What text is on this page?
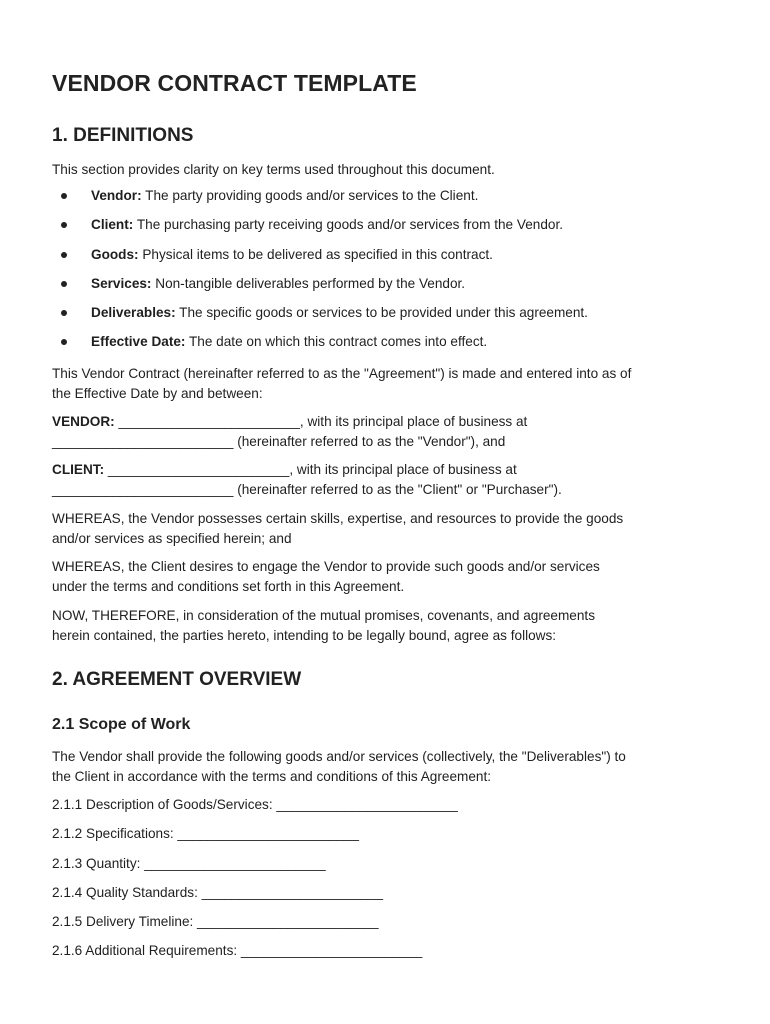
VENDOR CONTRACT TEMPLATE
1. DEFINITIONS

This section provides clarity on key terms used throughout this document.

Vendor: The party providing goods and/or services to the Client.
Client: The purchasing party receiving goods and/or services from the Vendor.
Goods: Physical items to be delivered as specified in this contract.
Services: Non-tangible deliverables performed by the Vendor.
Deliverables: The specific goods or services to be provided under this agreement.
Effective Date: The date on which this contract comes into effect.

This Vendor Contract (hereinafter referred to as the "Agreement") is made and entered into as of

the Effective Date by and between:

VENDOR: ________________________, with its principal place of business at

________________________ (hereinafter referred to as the "Vendor"), and

CLIENT: ________________________, with its principal place of business at

________________________ (hereinafter referred to as the "Client" or "Purchaser").

WHEREAS, the Vendor possesses certain skills, expertise, and resources to provide the goods

and/or services as specified herein; and

WHEREAS, the Client desires to engage the Vendor to provide such goods and/or services

under the terms and conditions set forth in this Agreement.

NOW, THEREFORE, in consideration of the mutual promises, covenants, and agreements

herein contained, the parties hereto, intending to be legally bound, agree as follows:

2. AGREEMENT OVERVIEW
2.1 Scope of Work

The Vendor shall provide the following goods and/or services (collectively, the "Deliverables") to

the Client in accordance with the terms and conditions of this Agreement:

2.1.1 Description of Goods/Services: ________________________

2.1.2 Specifications: ________________________

2.1.3 Quantity: ________________________

2.1.4 Quality Standards: ________________________

2.1.5 Delivery Timeline: ________________________

2.1.6 Additional Requirements: ________________________
